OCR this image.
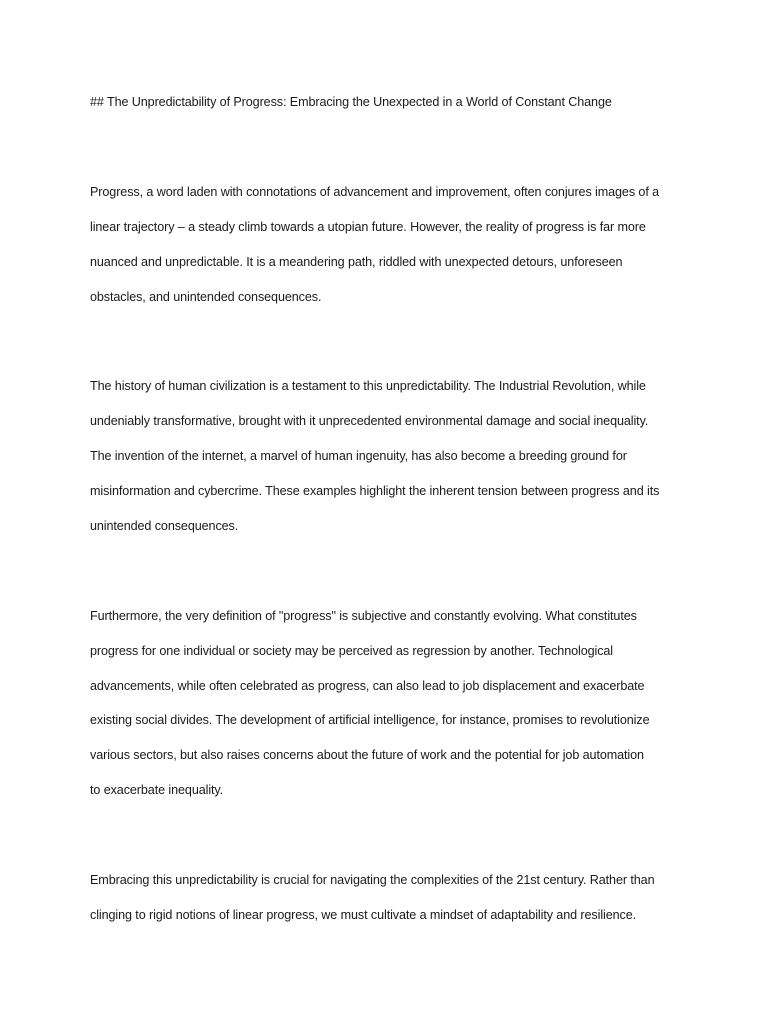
## The Unpredictability of Progress: Embracing the Unexpected in a World of Constant Change
Progress, a word laden with connotations of advancement and improvement, often conjures images of a
linear trajectory – a steady climb towards a utopian future. However, the reality of progress is far more
nuanced and unpredictable. It is a meandering path, riddled with unexpected detours, unforeseen
obstacles, and unintended consequences.
The history of human civilization is a testament to this unpredictability. The Industrial Revolution, while
undeniably transformative, brought with it unprecedented environmental damage and social inequality.
The invention of the internet, a marvel of human ingenuity, has also become a breeding ground for
misinformation and cybercrime. These examples highlight the inherent tension between progress and its
unintended consequences.
Furthermore, the very definition of "progress" is subjective and constantly evolving. What constitutes
progress for one individual or society may be perceived as regression by another. Technological
advancements, while often celebrated as progress, can also lead to job displacement and exacerbate
existing social divides. The development of artificial intelligence, for instance, promises to revolutionize
various sectors, but also raises concerns about the future of work and the potential for job automation
to exacerbate inequality.
Embracing this unpredictability is crucial for navigating the complexities of the 21st century. Rather than
clinging to rigid notions of linear progress, we must cultivate a mindset of adaptability and resilience.
